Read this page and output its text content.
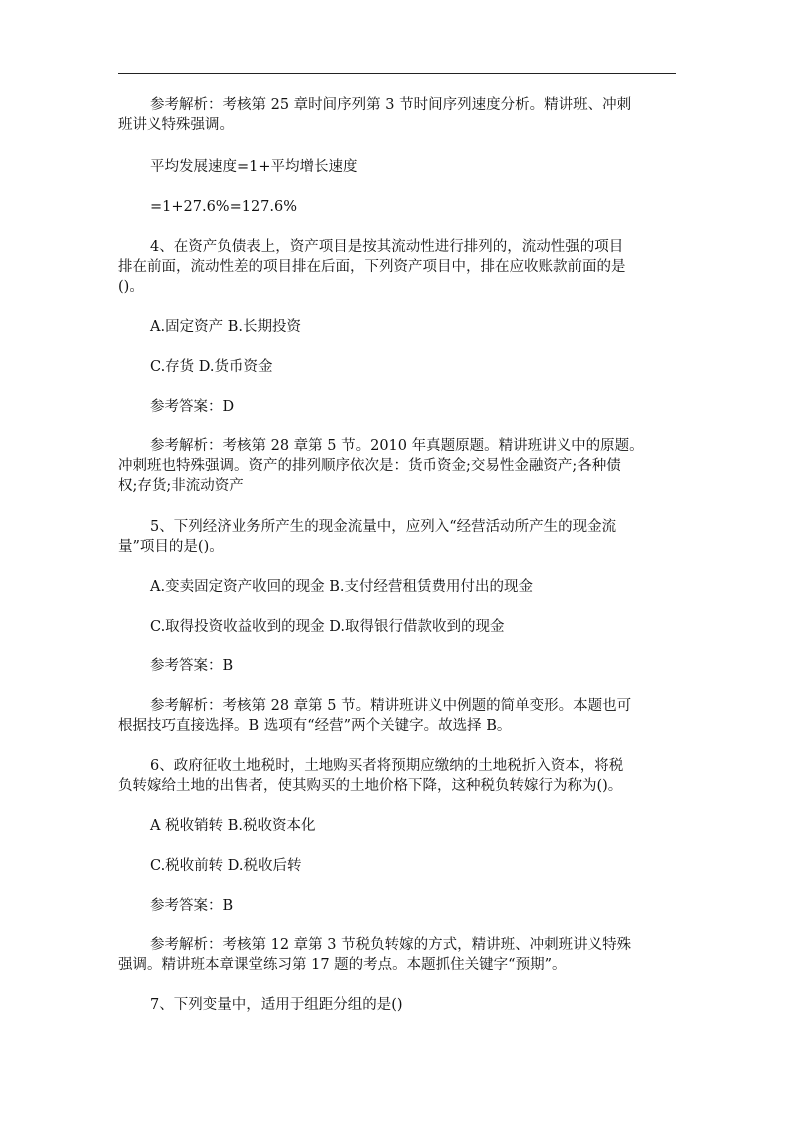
参考解析：考核第 25 章时间序列第 3 节时间序列速度分析。精讲班、冲刺
班讲义特殊强调。
平均发展速度=1+平均增长速度
=1+27.6%=127.6%
4、在资产负债表上，资产项目是按其流动性进行排列的，流动性强的项目
排在前面，流动性差的项目排在后面，下列资产项目中，排在应收账款前面的是
()。
A.固定资产 B.长期投资
C.存货 D.货币资金
参考答案：D
参考解析：考核第 28 章第 5 节。2010 年真题原题。精讲班讲义中的原题。
冲刺班也特殊强调。资产的排列顺序依次是：货币资金;交易性金融资产;各种债
权;存货;非流动资产
5、下列经济业务所产生的现金流量中，应列入“经营活动所产生的现金流
量”项目的是()。
A.变卖固定资产收回的现金 B.支付经营租赁费用付出的现金
C.取得投资收益收到的现金 D.取得银行借款收到的现金
参考答案：B
参考解析：考核第 28 章第 5 节。精讲班讲义中例题的简单变形。本题也可
根据技巧直接选择。B 选项有“经营”两个关键字。故选择 B。
6、政府征收土地税时，土地购买者将预期应缴纳的土地税折入资本，将税
负转嫁给土地的出售者，使其购买的土地价格下降，这种税负转嫁行为称为()。
A 税收销转 B.税收资本化
C.税收前转 D.税收后转
参考答案：B
参考解析：考核第 12 章第 3 节税负转嫁的方式，精讲班、冲刺班讲义特殊
强调。精讲班本章课堂练习第 17 题的考点。本题抓住关键字“预期”。
7、下列变量中，适用于组距分组的是()
